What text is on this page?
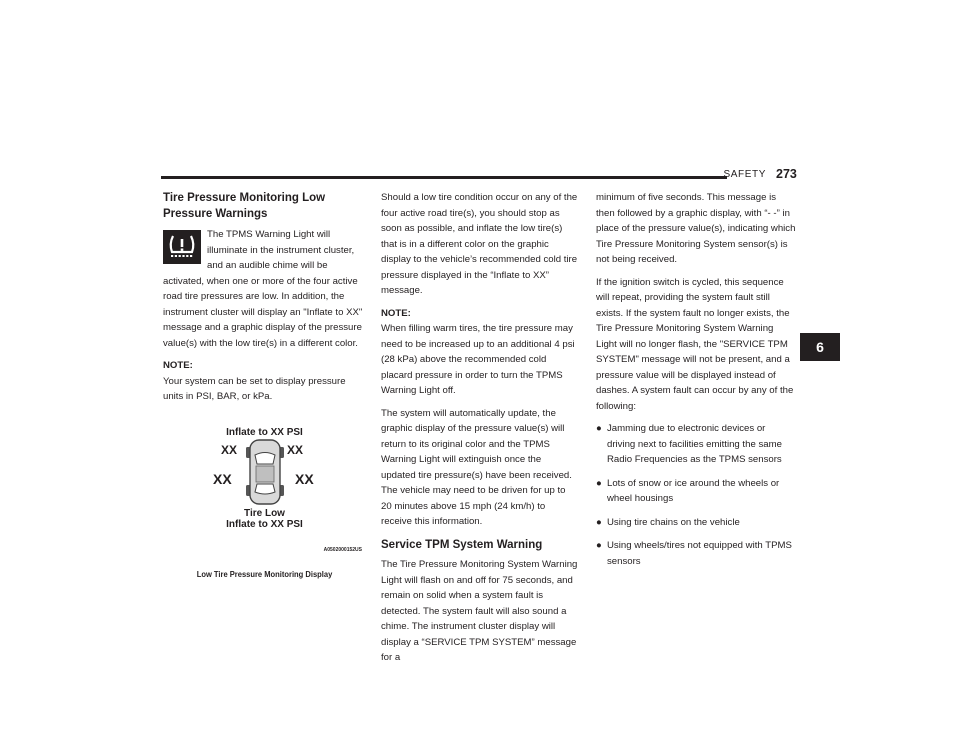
SAFETY 273
6
Tire Pressure Monitoring Low Pressure Warnings

The TPMS Warning Light will illuminate in the instrument cluster, and an audible chime will be activated, when one or more of the four active road tire pressures are low. In addition, the instrument cluster will display an "Inflate to XX" message and a graphic display of the pressure value(s) with the low tire(s) in a different color.

NOTE:
Your system can be set to display pressure units in PSI, BAR, or kPa.

Inflate to XX PSI
XX	XX
XX	XX
Tire Low
Inflate to XX PSI
A0502000152US
Low Tire Pressure Monitoring Display

Should a low tire condition occur on any of the four active road tire(s), you should stop as soon as possible, and inflate the low tire(s) that is in a different color on the graphic display to the vehicle’s recommended cold tire pressure displayed in the “Inflate to XX” message.

NOTE:
When filling warm tires, the tire pressure may need to be increased up to an additional 4 psi (28 kPa) above the recommended cold placard pressure in order to turn the TPMS Warning Light off.

The system will automatically update, the graphic display of the pressure value(s) will return to its original color and the TPMS Warning Light will extinguish once the updated tire pressure(s) have been received. The vehicle may need to be driven for up to 20 minutes above 15 mph (24 km/h) to receive this information.

Service TPM System Warning

The Tire Pressure Monitoring System Warning Light will flash on and off for 75 seconds, and remain on solid when a system fault is detected. The system fault will also sound a chime. The instrument cluster display will display a “SERVICE TPM SYSTEM” message for a

minimum of five seconds. This message is then followed by a graphic display, with “- -” in place of the pressure value(s), indicating which Tire Pressure Monitoring System sensor(s) is not being received.

If the ignition switch is cycled, this sequence will repeat, providing the system fault still exists. If the system fault no longer exists, the Tire Pressure Monitoring System Warning Light will no longer flash, the "SERVICE TPM SYSTEM" message will not be present, and a pressure value will be displayed instead of dashes. A system fault can occur by any of the following:

● Jamming due to electronic devices or driving next to facilities emitting the same Radio Frequencies as the TPMS sensors
● Lots of snow or ice around the wheels or wheel housings
● Using tire chains on the vehicle
● Using wheels/tires not equipped with TPMS sensors
